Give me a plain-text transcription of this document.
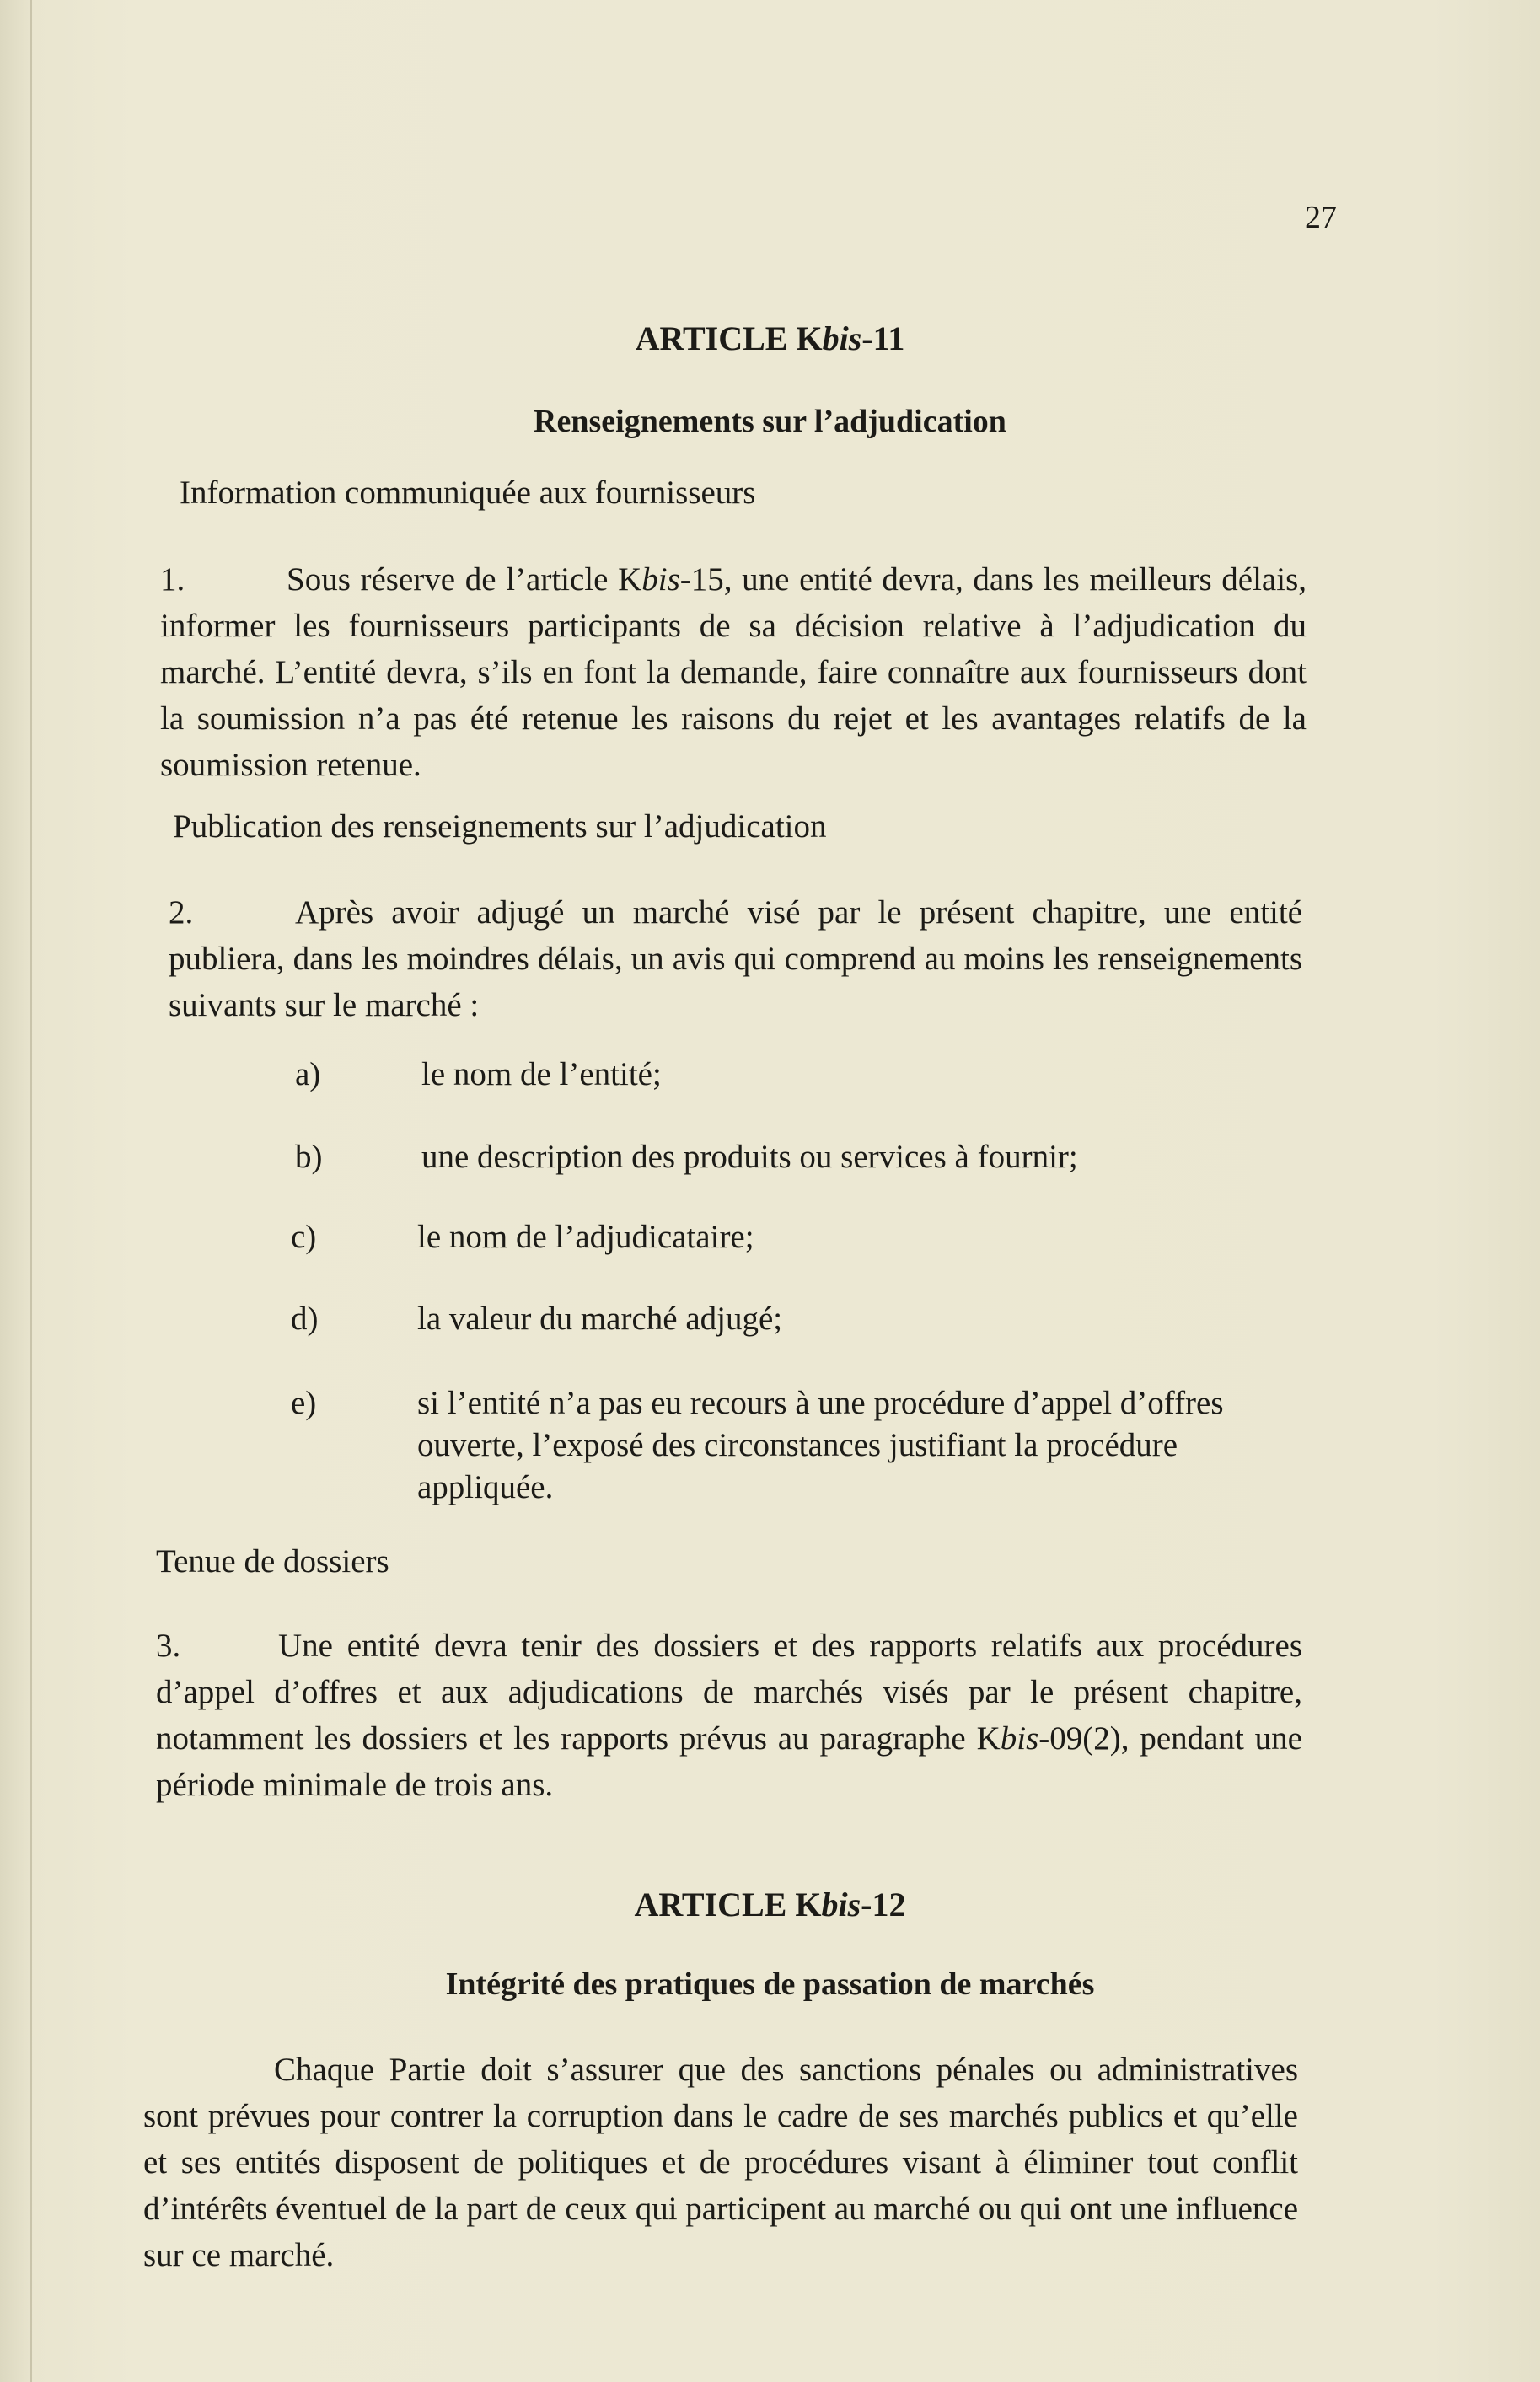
27
ARTICLE Kbis-11
Renseignements sur l’adjudication
Information communiquée aux fournisseurs
1.	Sous réserve de l’article Kbis-15, une entité devra, dans les meilleurs délais, informer les fournisseurs participants de sa décision relative à l’adjudication du marché. L’entité devra, s’ils en font la demande, faire connaître aux fournisseurs dont la soumission n’a pas été retenue les raisons du rejet et les avantages relatifs de la soumission retenue.
Publication des renseignements sur l’adjudication
2.	Après avoir adjugé un marché visé par le présent chapitre, une entité publiera, dans les moindres délais, un avis qui comprend au moins les renseignements suivants sur le marché :
a)	le nom de l’entité;
b)	une description des produits ou services à fournir;
c)	le nom de l’adjudicataire;
d)	la valeur du marché adjugé;
e)	si l’entité n’a pas eu recours à une procédure d’appel d’offres ouverte, l’exposé des circonstances justifiant la procédure appliquée.
Tenue de dossiers
3.	Une entité devra tenir des dossiers et des rapports relatifs aux procédures d’appel d’offres et aux adjudications de marchés visés par le présent chapitre, notamment les dossiers et les rapports prévus au paragraphe Kbis-09(2), pendant une période minimale de trois ans.
ARTICLE Kbis-12
Intégrité des pratiques de passation de marchés
Chaque Partie doit s’assurer que des sanctions pénales ou administratives sont prévues pour contrer la corruption dans le cadre de ses marchés publics et qu’elle et ses entités disposent de politiques et de procédures visant à éliminer tout conflit d’intérêts éventuel de la part de ceux qui participent au marché ou qui ont une influence sur ce marché.
